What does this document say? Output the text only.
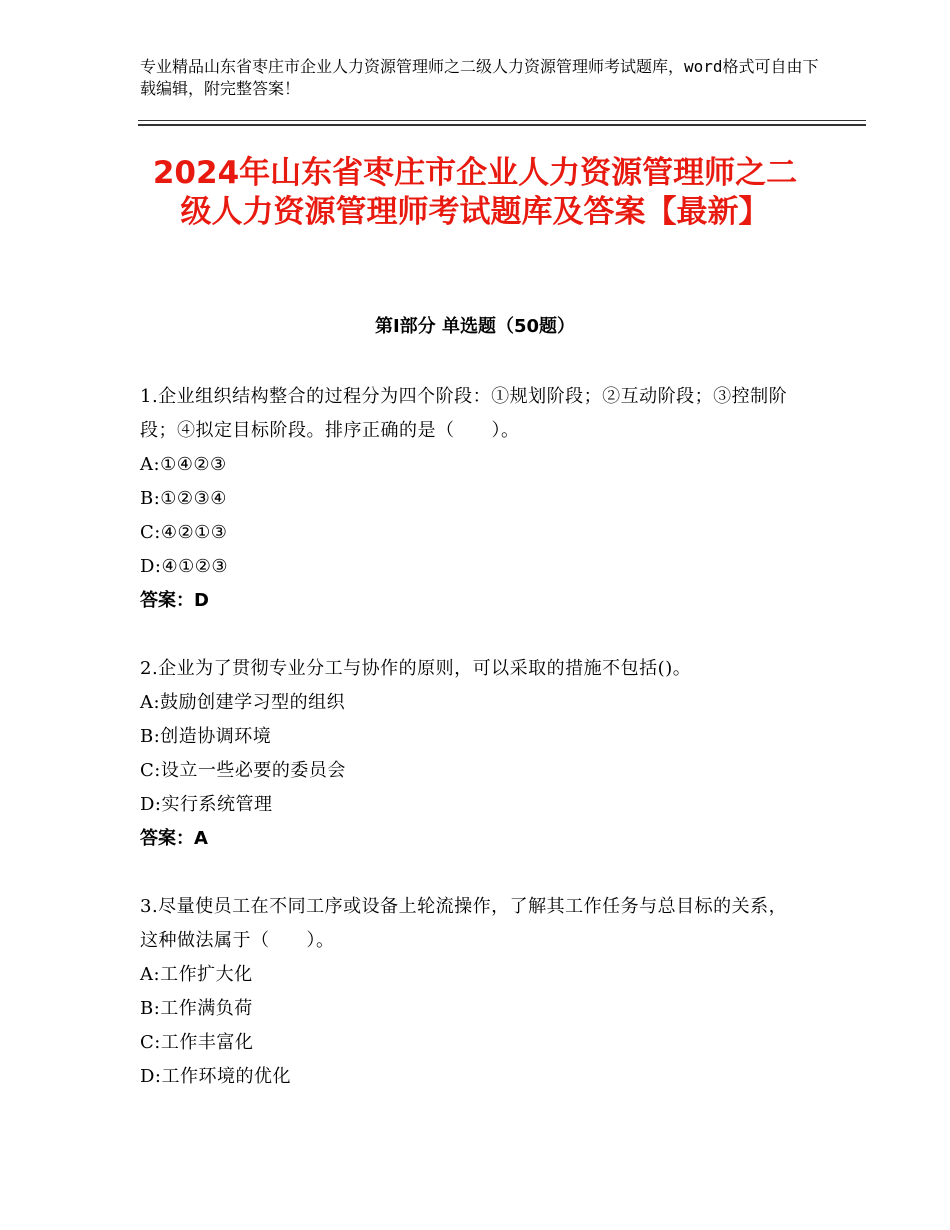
专业精品山东省枣庄市企业人力资源管理师之二级人力资源管理师考试题库，word格式可自由下载编辑，附完整答案！
2024年山东省枣庄市企业人力资源管理师之二级人力资源管理师考试题库及答案【最新】
第Ⅰ部分 单选题（50题）

1.企业组织结构整合的过程分为四个阶段：①规划阶段；②互动阶段；③控制阶段；④拟定目标阶段。排序正确的是（　　）。

A:①④②③
B:①②③④
C:④②①③
D:④①②③
答案：D

2.企业为了贯彻专业分工与协作的原则，可以采取的措施不包括()。

A:鼓励创建学习型的组织
B:创造协调环境
C:设立一些必要的委员会
D:实行系统管理
答案：A

3.尽量使员工在不同工序或设备上轮流操作，了解其工作任务与总目标的关系，这种做法属于（　　）。

A:工作扩大化
B:工作满负荷
C:工作丰富化
D:工作环境的优化
